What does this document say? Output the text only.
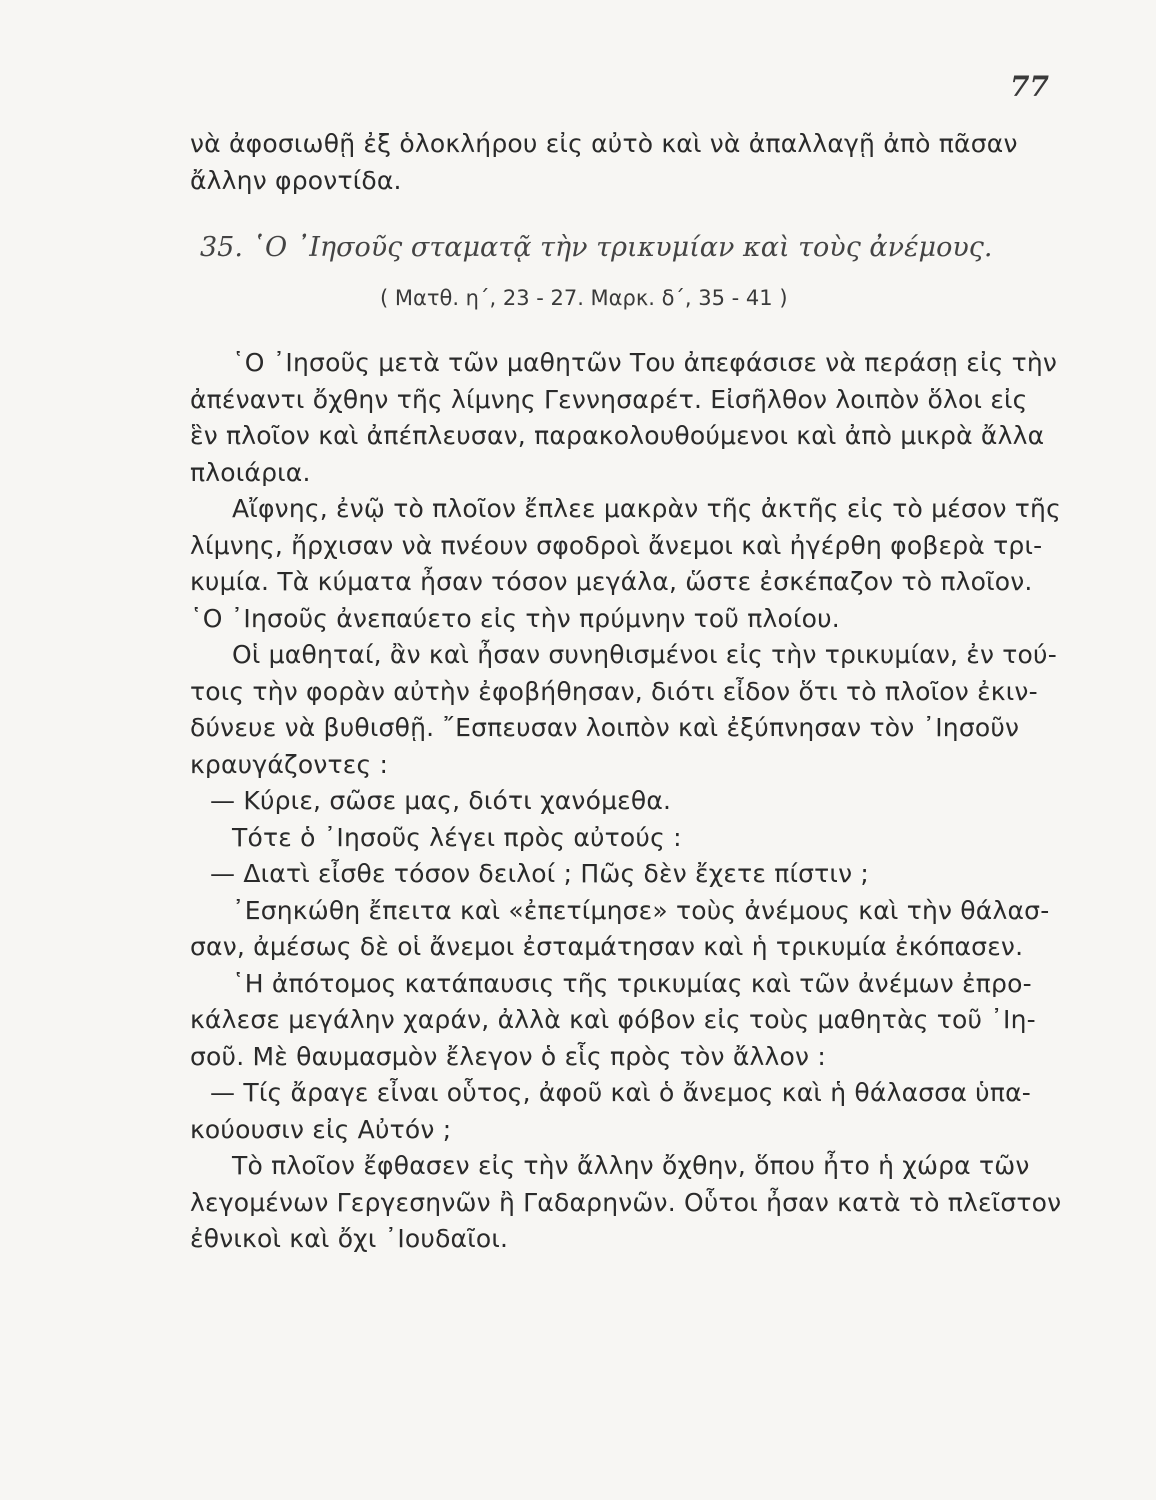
77
νὰ ἀφοσιωθῇ ἐξ ὁλοκλήρου εἰς αὐτὸ καὶ νὰ ἀπαλλαγῇ ἀπὸ πᾶσαν
ἄλλην φροντίδα.
35. ῾Ο ᾿Ιησοῦς σταματᾷ τὴν τρικυμίαν καὶ τοὺς ἀνέμους.
( Ματθ. η΄, 23 - 27. Μαρκ. δ΄, 35 - 41 )
῾Ο ᾿Ιησοῦς μετὰ τῶν μαθητῶν Του ἀπεφάσισε νὰ περάσῃ εἰς τὴν
ἀπέναντι ὄχθην τῆς λίμνης Γεννησαρέτ. Εἰσῆλθον λοιπὸν ὅλοι εἰς
ἓν πλοῖον καὶ ἀπέπλευσαν, παρακολουθούμενοι καὶ ἀπὸ μικρὰ ἄλλα
πλοιάρια.
Αἴφνης, ἐνῷ τὸ πλοῖον ἔπλεε μακρὰν τῆς ἀκτῆς εἰς τὸ μέσον τῆς
λίμνης, ἤρχισαν νὰ πνέουν σφοδροὶ ἄνεμοι καὶ ἠγέρθη φοβερὰ τρι-
κυμία. Τὰ κύματα ἦσαν τόσον μεγάλα, ὥστε ἐσκέπαζον τὸ πλοῖον.
῾Ο ᾿Ιησοῦς ἀνεπαύετο εἰς τὴν πρύμνην τοῦ πλοίου.
Οἱ μαθηταί, ἂν καὶ ἦσαν συνηθισμένοι εἰς τὴν τρικυμίαν, ἐν τού-
τοις τὴν φορὰν αὐτὴν ἐφοβήθησαν, διότι εἶδον ὅτι τὸ πλοῖον ἐκιν-
δύνευε νὰ βυθισθῇ. ῎Εσπευσαν λοιπὸν καὶ ἐξύπνησαν τὸν ᾿Ιησοῦν
κραυγάζοντες :
— Κύριε, σῶσε μας, διότι χανόμεθα.
Τότε ὁ ᾿Ιησοῦς λέγει πρὸς αὐτούς :
— Διατὶ εἶσθε τόσον δειλοί ; Πῶς δὲν ἔχετε πίστιν ;
᾿Εσηκώθη ἔπειτα καὶ «ἐπετίμησε» τοὺς ἀνέμους καὶ τὴν θάλασ-
σαν, ἀμέσως δὲ οἱ ἄνεμοι ἐσταμάτησαν καὶ ἡ τρικυμία ἐκόπασεν.
῾Η ἀπότομος κατάπαυσις τῆς τρικυμίας καὶ τῶν ἀνέμων ἐπρο-
κάλεσε μεγάλην χαράν, ἀλλὰ καὶ φόβον εἰς τοὺς μαθητὰς τοῦ ᾿Ιη-
σοῦ. Μὲ θαυμασμὸν ἔλεγον ὁ εἷς πρὸς τὸν ἄλλον :
— Τίς ἄραγε εἶναι οὗτος, ἀφοῦ καὶ ὁ ἄνεμος καὶ ἡ θάλασσα ὑπα-
κούουσιν εἰς Αὐτόν ;
Τὸ πλοῖον ἔφθασεν εἰς τὴν ἄλλην ὄχθην, ὅπου ἦτο ἡ χώρα τῶν
λεγομένων Γεργεσηνῶν ἢ Γαδαρηνῶν. Οὗτοι ἦσαν κατὰ τὸ πλεῖστον
ἐθνικοὶ καὶ ὄχι ᾿Ιουδαῖοι.
